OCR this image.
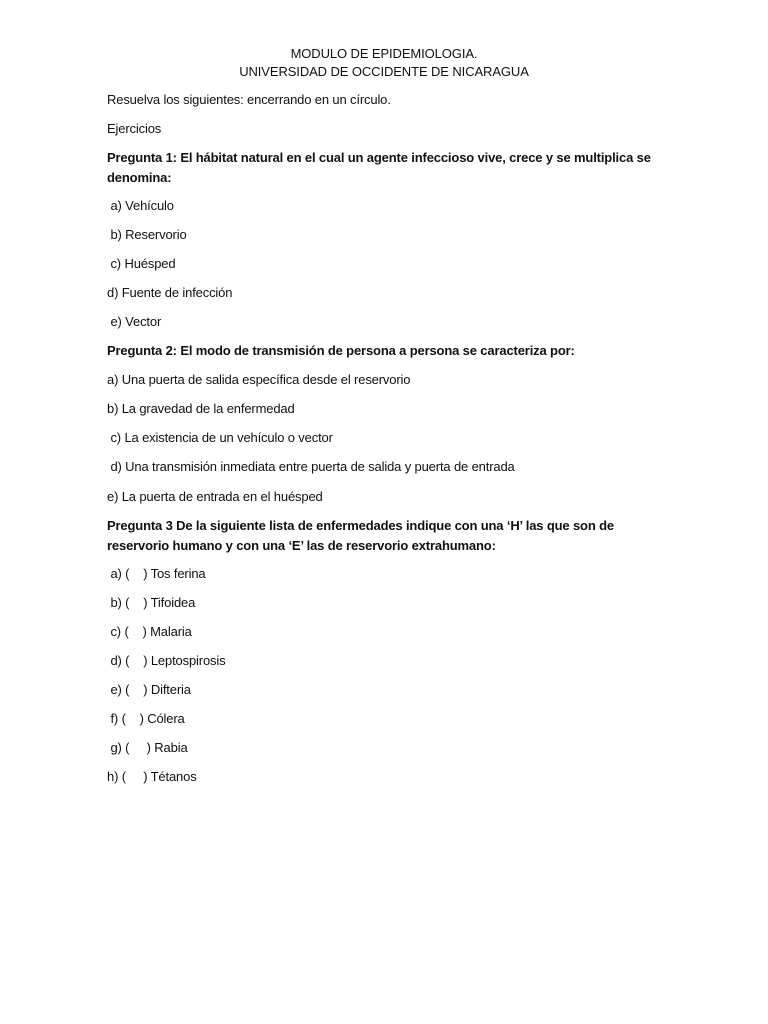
MODULO DE EPIDEMIOLOGIA.
UNIVERSIDAD DE OCCIDENTE DE NICARAGUA
Resuelva los siguientes: encerrando en un círculo.
Ejercicios
Pregunta 1: El hábitat natural en el cual un agente infeccioso vive, crece y se multiplica se denomina:
a) Vehículo
b) Reservorio
c) Huésped
d) Fuente de infección
e) Vector
Pregunta 2: El modo de transmisión de persona a persona se caracteriza por:
a) Una puerta de salida específica desde el reservorio
b) La gravedad de la enfermedad
c) La existencia de un vehículo o vector
d) Una transmisión inmediata entre puerta de salida y puerta de entrada
e) La puerta de entrada en el huésped
Pregunta 3 De la siguiente lista de enfermedades indique con una ‘H’ las que son de reservorio humano y con una ‘E’ las de reservorio extrahumano:
a) (    ) Tos ferina
b) (    ) Tifoidea
c) (    ) Malaria
d) (    ) Leptospirosis
e) (    ) Difteria
f) (    ) Cólera
g) (     ) Rabia
h) (     ) Tétanos
